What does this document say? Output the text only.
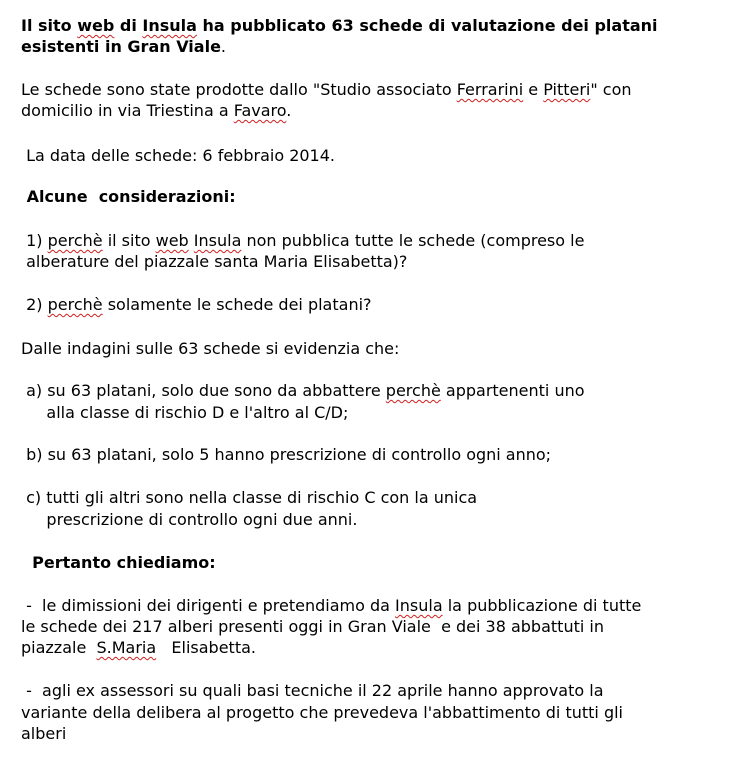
Il sito web di Insula ha pubblicato 63 schede di valutazione dei platani

esistenti in Gran Viale.

Le schede sono state prodotte dallo "Studio associato Ferrarini e Pitteri" con

domicilio in via Triestina a Favaro.

La data delle schede: 6 febbraio 2014.

Alcune  considerazioni:

1) perchè il sito web Insula non pubblica tutte le schede (compreso le

alberature del piazzale santa Maria Elisabetta)?

2) perchè solamente le schede dei platani?

Dalle indagini sulle 63 schede si evidenzia che:

a) su 63 platani, solo due sono da abbattere perchè appartenenti uno

alla classe di rischio D e l'altro al C/D;

b) su 63 platani, solo 5 hanno prescrizione di controllo ogni anno;

c) tutti gli altri sono nella classe di rischio C con la unica

prescrizione di controllo ogni due anni.

Pertanto chiediamo:

-  le dimissioni dei dirigenti e pretendiamo da Insula la pubblicazione di tutte

le schede dei 217 alberi presenti oggi in Gran Viale  e dei 38 abbattuti in

piazzale  S.Maria   Elisabetta.

-  agli ex assessori su quali basi tecniche il 22 aprile hanno approvato la

variante della delibera al progetto che prevedeva l'abbattimento di tutti gli

alberi
